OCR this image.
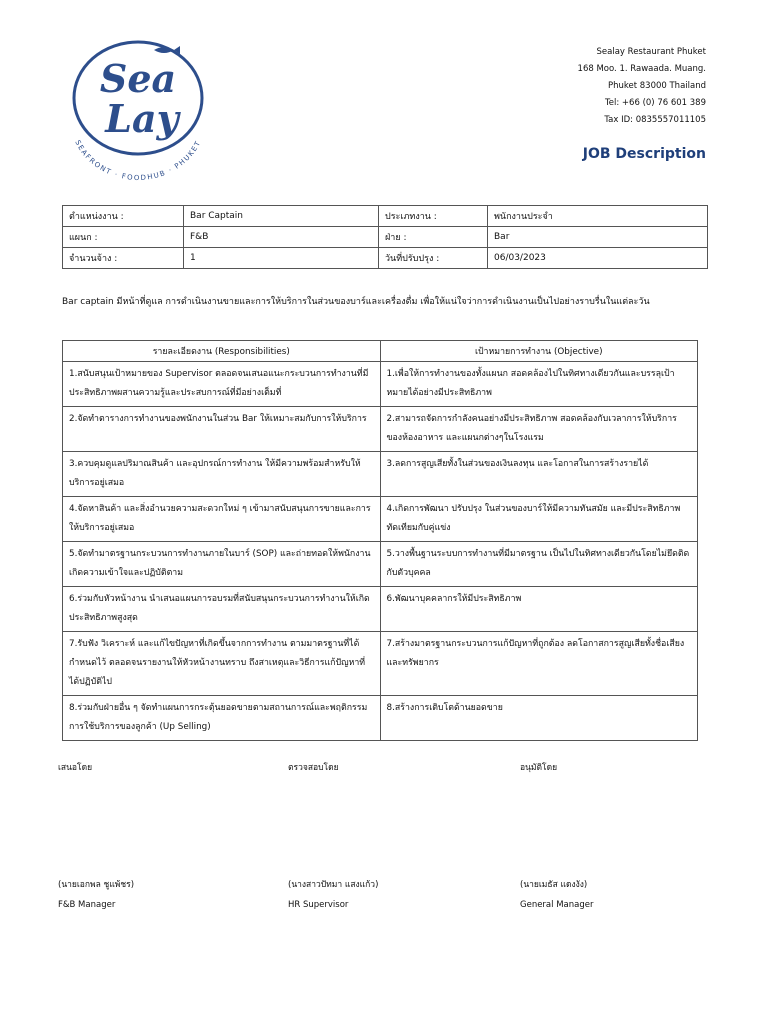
Sea
Lay
SEAFRONT · FOODHUB · PHUKET
Sealay Restaurant Phuket
168 Moo. 1. Rawaada. Muang.
Phuket 83000 Thailand
Tel: +66 (0) 76 601 389
Tax ID: 0835557011105
JOB Description
ตำแหน่งงาน :	Bar Captain	ประเภทงาน :	พนักงานประจำ
แผนก :	F&B	ฝ่าย :	Bar
จำนวนจ้าง :	1	วันที่ปรับปรุง :	06/03/2023
Bar captain มีหน้าที่ดูแล การดำเนินงานขายและการให้บริการในส่วนของบาร์และเครื่องดื่ม เพื่อให้แน่ใจว่าการดำเนินงานเป็นไปอย่างราบรื่นในแต่ละวัน
รายละเอียดงาน (Responsibilities)	เป้าหมายการทำงาน (Objective)
1.สนับสนุนเป้าหมายของ Supervisor ตลอดจนเสนอแนะกระบวนการทำงานที่มีประสิทธิภาพผสานความรู้และประสบการณ์ที่มีอย่างเต็มที่	1.เพื่อให้การทำงานของทั้งแผนก สอดคล้องไปในทิศทางเดียวกันและบรรลุเป้าหมายได้อย่างมีประสิทธิภาพ
2.จัดทำตารางการทำงานของพนักงานในส่วน Bar ให้เหมาะสมกับการให้บริการ	2.สามารถจัดการกำลังคนอย่างมีประสิทธิภาพ สอดคล้องกับเวลาการให้บริการของห้องอาหาร และแผนกต่างๆในโรงแรม
3.ควบคุมดูแลปริมาณสินค้า และอุปกรณ์การทำงาน ให้มีความพร้อมสำหรับให้บริการอยู่เสมอ	3.ลดการสูญเสียทั้งในส่วนของเงินลงทุน และโอกาสในการสร้างรายได้
4.จัดหาสินค้า และสิ่งอำนวยความสะดวกใหม่ ๆ เข้ามาสนับสนุนการขายและการให้บริการอยู่เสมอ	4.เกิดการพัฒนา ปรับปรุง ในส่วนของบาร์ให้มีความทันสมัย และมีประสิทธิภาพทัดเทียมกับคู่แข่ง
5.จัดทำมาตรฐานกระบวนการทำงานภายในบาร์ (SOP) และถ่ายทอดให้พนักงานเกิดความเข้าใจและปฏิบัติตาม	5.วางพื้นฐานระบบการทำงานที่มีมาตรฐาน เป็นไปในทิศทางเดียวกันโดยไม่ยึดติดกับตัวบุคคล
6.ร่วมกับหัวหน้างาน นำเสนอแผนการอบรมที่สนับสนุนกระบวนการทำงานให้เกิดประสิทธิภาพสูงสุด	6.พัฒนาบุคคลากรให้มีประสิทธิภาพ
7.รับฟัง วิเคราะห์ และแก้ไขปัญหาที่เกิดขึ้นจากการทำงาน ตามมาตรฐานที่ได้กำหนดไว้ ตลอดจนรายงานให้หัวหน้างานทราบ ถึงสาเหตุและวิธีการแก้ปัญหาที่ได้ปฏิบัติไป	7.สร้างมาตรฐานกระบวนการแก้ปัญหาที่ถูกต้อง ลดโอกาสการสูญเสียทั้งชื่อเสียงและทรัพยากร
8.ร่วมกับฝ่ายอื่น ๆ จัดทำแผนการกระตุ้นยอดขายตามสถานการณ์และพฤติกรรมการใช้บริการของลูกค้า (Up Selling)	8.สร้างการเติบโตด้านยอดขาย
เสนอโดย	ตรวจสอบโดย	อนุมัติโดย
(นายเอกพล ชูแพ้ชร)	(นางสาวปัทมา แสงแก้ว)	(นายเมธัส แดงงัง)
F&B Manager	HR Supervisor	General Manager
